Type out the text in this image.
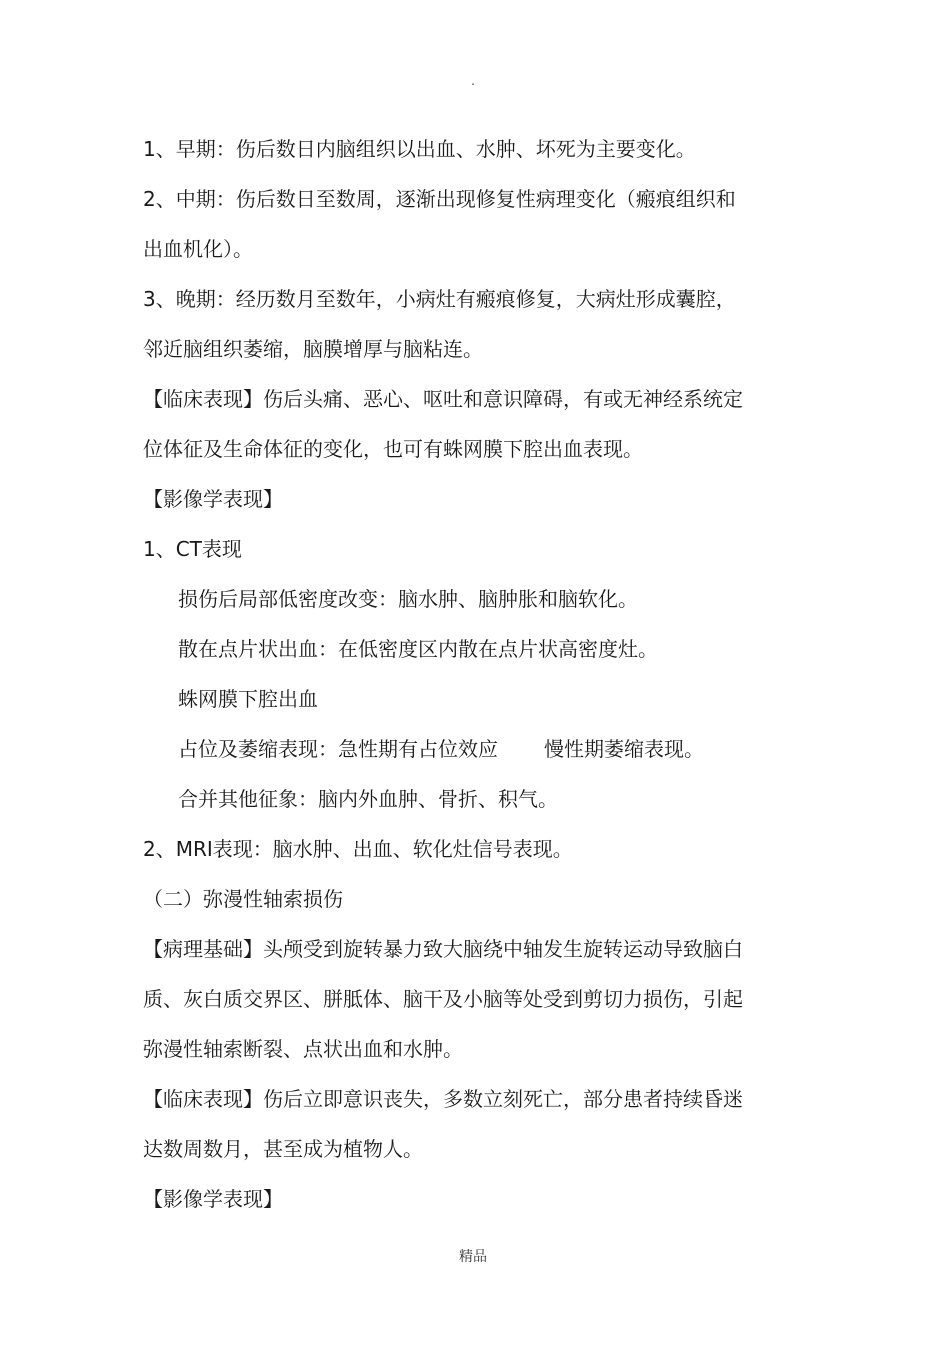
.
1、早期：伤后数日内脑组织以出血、水肿、坏死为主要变化。
2、中期：伤后数日至数周，逐渐出现修复性病理变化（瘢痕组织和
出血机化）。
3、晚期：经历数月至数年，小病灶有瘢痕修复，大病灶形成囊腔，
邻近脑组织萎缩，脑膜增厚与脑粘连。
【临床表现】伤后头痛、恶心、呕吐和意识障碍，有或无神经系统定
位体征及生命体征的变化，也可有蛛网膜下腔出血表现。
【影像学表现】
1、CT表现
损伤后局部低密度改变：脑水肿、脑肿胀和脑软化。
散在点片状出血：在低密度区内散在点片状高密度灶。
蛛网膜下腔出血
占位及萎缩表现：急性期有占位效应 慢性期萎缩表现。
合并其他征象：脑内外血肿、骨折、积气。
2、MRI表现：脑水肿、出血、软化灶信号表现。
（二）弥漫性轴索损伤
【病理基础】头颅受到旋转暴力致大脑绕中轴发生旋转运动导致脑白
质、灰白质交界区、胼胝体、脑干及小脑等处受到剪切力损伤，引起
弥漫性轴索断裂、点状出血和水肿。
【临床表现】伤后立即意识丧失，多数立刻死亡，部分患者持续昏迷
达数周数月，甚至成为植物人。
【影像学表现】
精品
